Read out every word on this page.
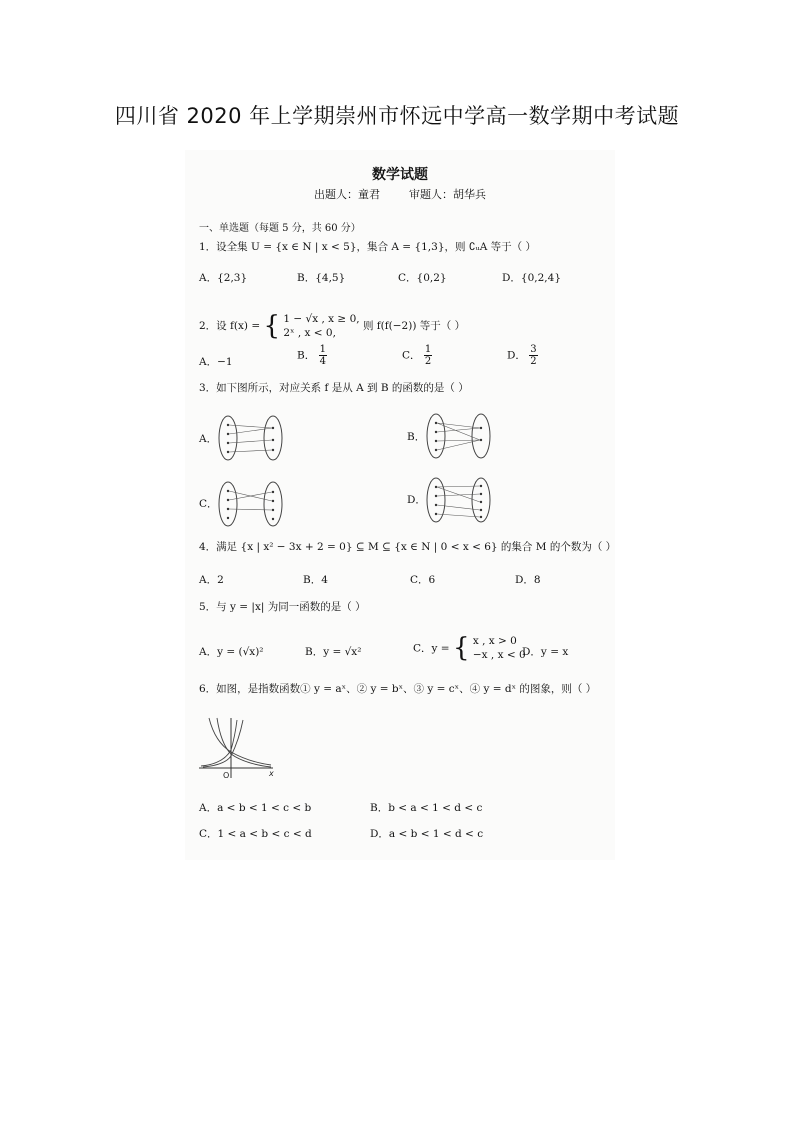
四川省 2020 年上学期崇州市怀远中学高一数学期中考试题
数学试题
出题人：童君	审题人：胡华兵
一、单选题（每题 5 分，共 60 分）
1．设全集 U = {x ∈ N | x < 5}，集合 A = {1,3}，则 ∁ᵤA 等于（ ）
A．{2,3}	B．{4,5}	C．{0,2}	D．{0,2,4}
2．设 f(x) = { 1 − √x , x ≥ 0,
2ˣ , x < 0,
则 f(f(−2)) 等于（ ）
A．−1
B． $\frac{1}{4}$	C． $\frac{1}{2}$	D． $\frac{3}{2}$
3．如下图所示，对应关系 f 是从 A 到 B 的函数的是（ ）
A．	B．
C．	D．
4．满足 {x | x² − 3x + 2 = 0} ⊆ M ⊆ {x ∈ N | 0 < x < 6} 的集合 M 的个数为（ ）
A．2	B．4	C．6	D．8
5．与 y = |x| 为同一函数的是（ ）
A．y = (√x)²	B．y = √x²	C．y = { x , x > 0
−x , x < 0
D．y = x
6．如图，是指数函数① y = aˣ、② y = bˣ、③ y = cˣ、④ y = dˣ 的图象，则（ ）
O	x
A．a < b < 1 < c < b	B．b < a < 1 < d < c
C．1 < a < b < c < d	D．a < b < 1 < d < c
